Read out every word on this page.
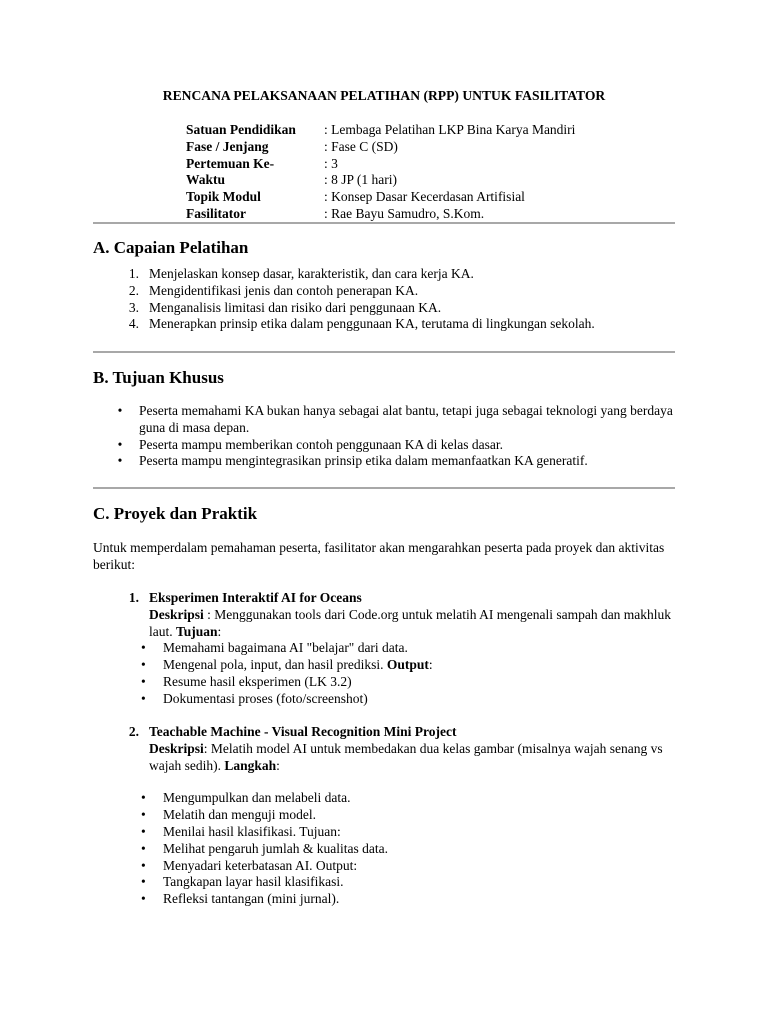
RENCANA PELAKSANAAN PELATIHAN (RPP) UNTUK FASILITATOR
Satuan Pendidikan	: Lembaga Pelatihan LKP Bina Karya Mandiri
Fase / Jenjang	: Fase C (SD)
Pertemuan Ke-	: 3
Waktu	: 8 JP (1 hari)
Topik Modul	: Konsep Dasar Kecerdasan Artifisial
Fasilitator	: Rae Bayu Samudro, S.Kom.
A. Capaian Pelatihan
1. Menjelaskan konsep dasar, karakteristik, dan cara kerja KA.
2. Mengidentifikasi jenis dan contoh penerapan KA.
3. Menganalisis limitasi dan risiko dari penggunaan KA.
4. Menerapkan prinsip etika dalam penggunaan KA, terutama di lingkungan sekolah.
B. Tujuan Khusus
•	Peserta memahami KA bukan hanya sebagai alat bantu, tetapi juga sebagai teknologi yang berdaya guna di masa depan.
•	Peserta mampu memberikan contoh penggunaan KA di kelas dasar.
•	Peserta mampu mengintegrasikan prinsip etika dalam memanfaatkan KA generatif.
C. Proyek dan Praktik
Untuk memperdalam pemahaman peserta, fasilitator akan mengarahkan peserta pada proyek dan aktivitas berikut:
1. Eksperimen Interaktif AI for Oceans
Deskripsi : Menggunakan tools dari Code.org untuk melatih AI mengenali sampah dan makhluk laut. Tujuan:
•	Memahami bagaimana AI "belajar" dari data.
•	Mengenal pola, input, dan hasil prediksi. Output:
•	Resume hasil eksperimen (LK 3.2)
•	Dokumentasi proses (foto/screenshot)
2. Teachable Machine - Visual Recognition Mini Project
Deskripsi: Melatih model AI untuk membedakan dua kelas gambar (misalnya wajah senang vs wajah sedih). Langkah:
•	Mengumpulkan dan melabeli data.
•	Melatih dan menguji model.
•	Menilai hasil klasifikasi. Tujuan:
•	Melihat pengaruh jumlah & kualitas data.
•	Menyadari keterbatasan AI. Output:
•	Tangkapan layar hasil klasifikasi.
•	Refleksi tantangan (mini jurnal).
